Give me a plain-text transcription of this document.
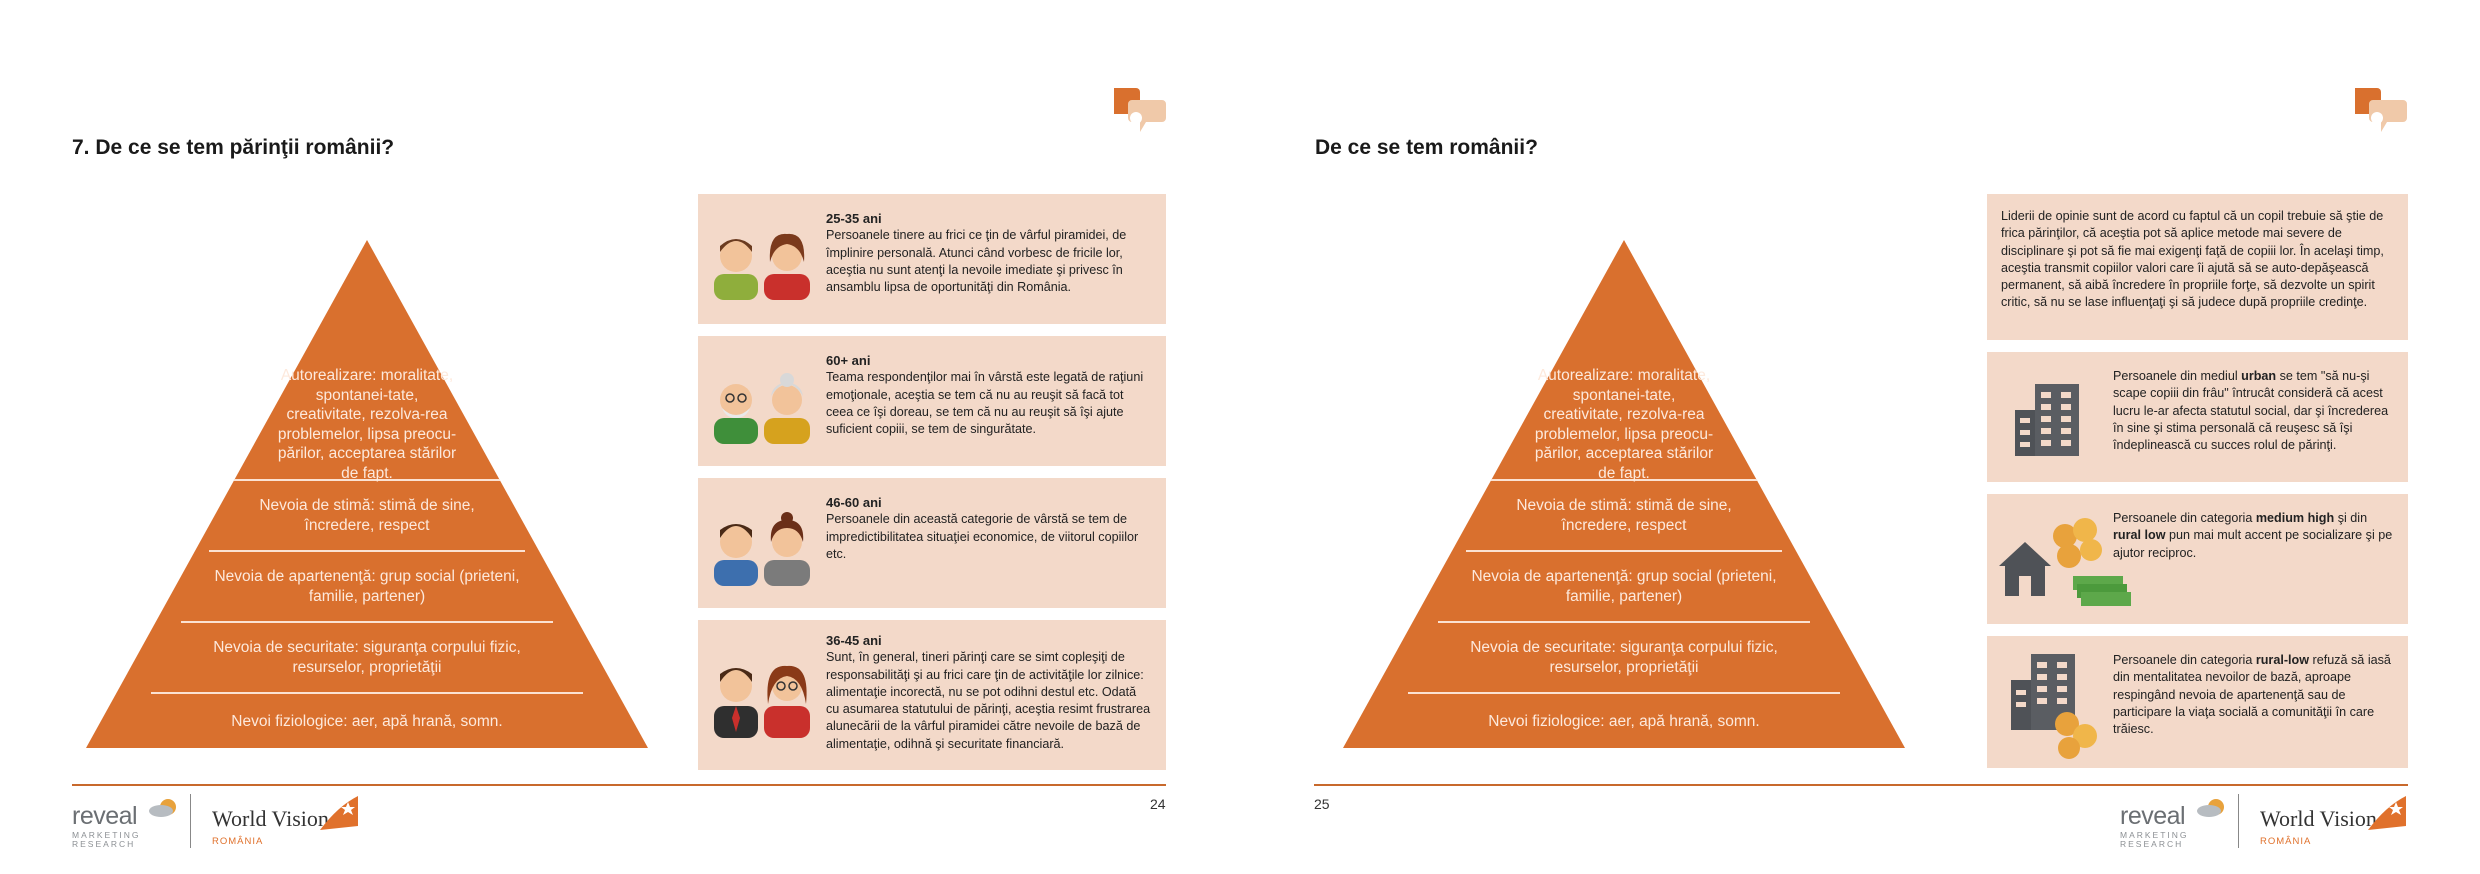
7. De ce se tem părinţii românii?
Autorealizare: moralitate, spontanei-tate, creativitate, rezolva-rea problemelor, lipsa preocu-părilor, acceptarea stărilor de fapt.
Nevoia de stimă: stimă de sine, încredere, respect
Nevoia de apartenenţă: grup social (prieteni, familie, partener)
Nevoia de securitate: siguranţa corpului fizic, resurselor, proprietăţii
Nevoi fiziologice: aer, apă hrană, somn.
25-35 ani
Persoanele tinere au frici ce ţin de vârful piramidei, de împlinire personală. Atunci când vorbesc de fricile lor, aceştia nu sunt atenţi la nevoile imediate şi privesc în ansamblu lipsa de oportunităţi din România.
60+ ani
Teama respondenţilor mai în vârstă este legată de raţiuni emoţionale, aceştia se tem că nu au reuşit să facă tot ceea ce îşi doreau, se tem că nu au reuşit să îşi ajute suficient copiii, se tem de singurătate.
46-60 ani
Persoanele din această categorie de vârstă se tem de impredictibilitatea situaţiei economice, de viitorul copiilor etc.
36-45 ani
Sunt, în general, tineri părinţi care se simt copleşiţi de responsabilităţi şi au frici care ţin de activităţile lor zilnice: alimentaţie incorectă, nu se pot odihni destul etc. Odată cu asumarea statutului de părinţi, aceştia resimt frustrarea alunecării de la vârful piramidei către nevoile de bază de alimentaţie, odihnă şi securitate financiară.
24
reveal
MARKETING RESEARCH
World Vision
ROMÂNIA
De ce se tem românii?
Autorealizare: moralitate, spontanei-tate, creativitate, rezolva-rea problemelor, lipsa preocu-părilor, acceptarea stărilor de fapt.
Nevoia de stimă: stimă de sine, încredere, respect
Nevoia de apartenenţă: grup social (prieteni, familie, partener)
Nevoia de securitate: siguranţa corpului fizic, resurselor, proprietăţii
Nevoi fiziologice: aer, apă hrană, somn.
Liderii de opinie sunt de acord cu faptul că un copil trebuie să ştie de frica părinţilor, că aceştia pot să aplice metode mai severe de disciplinare şi pot să fie mai exigenţi faţă de copiii lor. În acelaşi timp, aceştia transmit copiilor valori care îi ajută să se auto-depăşească permanent, să aibă încredere în propriile forţe, să dezvolte un spirit critic, să nu se lase influenţaţi şi să judece după propriile credinţe.
Persoanele din mediul urban se tem "să nu-şi scape copiii din frâu" întrucât consideră că acest lucru le-ar afecta statutul social, dar şi încrederea în sine şi stima personală că reuşesc să îşi îndeplinească cu succes rolul de părinţi.
Persoanele din categoria medium high şi din rural low pun mai mult accent pe socializare şi pe ajutor reciproc.
Persoanele din categoria rural-low refuză să iasă din mentalitatea nevoilor de bază, aproape respingând nevoia de apartenenţă sau de participare la viaţa socială a comunităţii în care trăiesc.
25	reveal
MARKETING RESEARCH
World Vision
ROMÂNIA
